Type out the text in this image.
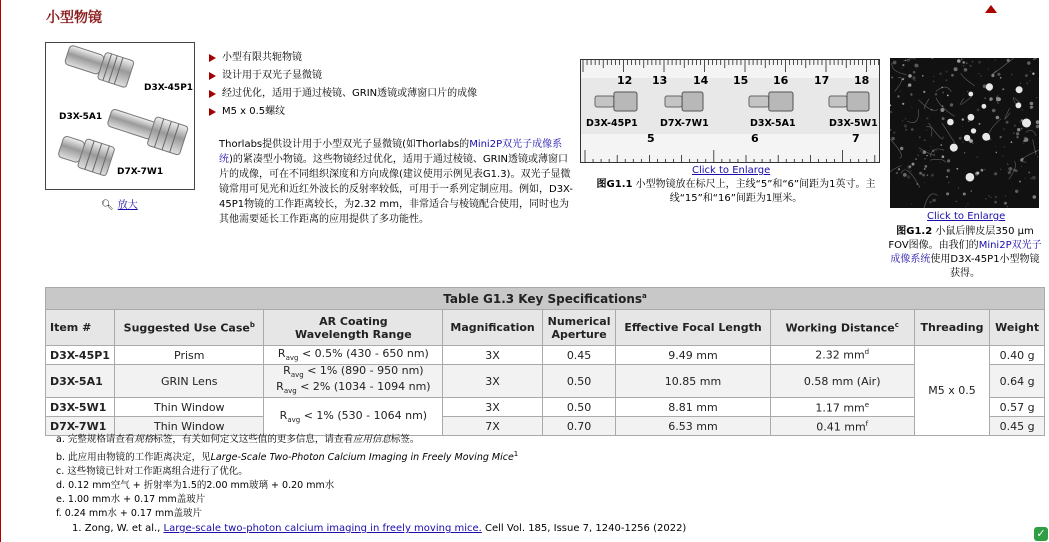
小型物镜
D3X-45P1
D3X-5A1
D7X-7W1
🔍︎ 放大
小型有限共轭物镜
设计用于双光子显微镜
经过优化，适用于通过棱镜、GRIN透镜或薄窗口片的成像
M5 x 0.5螺纹
Thorlabs提供设计用于小型双光子显微镜(如Thorlabs的Mini2P双光子成像系统)的紧凑型小物镜。这些物镜经过优化，适用于通过棱镜、GRIN透镜或薄窗口片的成像，可在不同组织深度和方向成像(建议使用示例见表G1.3)。双光子显微镜常用可见光和近红外波长的反射率较低，可用于一系列定制应用。例如，D3X-45P1物镜的工作距离较长，为2.32 mm，非常适合与棱镜配合使用，同时也为其他需要延长工作距离的应用提供了多功能性。
D3X-45P1 D7X-7W1	D3X-5A1	D3X-5W1
12 13 14 15 16 17 18
5	6	7
Click to Enlarge
图G1.1 小型物镜放在标尺上，主线“5”和“6”间距为1英寸。主线“15”和“16”间距为1厘米。
Click to Enlarge
图G1.2 小鼠后脾皮层350 µm FOV图像。由我们的Mini2P双光子成像系统使用D3X-45P1小型物镜获得。
Table G1.3 Key Specifications$^a$
Item #	Suggested Use Case$^b$	AR Coating
Wavelength Range	Magnification	Numerical
Aperture	Effective Focal Length	Working Distance$^c$	Threading	Weight
D3X-45P1	Prism	$R_{avg} < 0.5\%$ (430 - 650 nm)	3X	0.45	9.49 mm	2.32 $mm^d$	M5 x 0.5	0.40 g
D3X-5A1	GRIN Lens	$R_{avg} < 1\%$ (890 - 950 nm)
$R_{avg} < 2\%$ (1034 - 1094 nm)	3X	0.50	10.85 mm	0.58 mm (Air)		0.64 g
D3X-5W1	Thin Window	$R_{avg} < 1\%$ (530 - 1064 nm)	3X	0.50	8.81 mm	1.17 $mm^e$		0.57 g
D7X-7W1	Thin Window		7X	0.70	6.53 mm	0.41 $mm^f$		0.45 g
a. 完整规格请查看规格标签，有关如何定义这些值的更多信息，请查看应用信息标签。
b. 此应用由物镜的工作距离决定，见Large-Scale Two-Photon Calcium Imaging in Freely Moving Mice$^1$
c. 这些物镜已针对工作距离组合进行了优化。
d. 0.12 mm空气 + 折射率为1.5的2.00 mm玻璃 + 0.20 mm水
e. 1.00 mm水 + 0.17 mm盖玻片
f. 0.24 mm水 + 0.17 mm盖玻片
1. Zong, W. et al., Large-scale two-photon calcium imaging in freely moving mice. Cell Vol. 185, Issue 7, 1240-1256 (2022)	✓
